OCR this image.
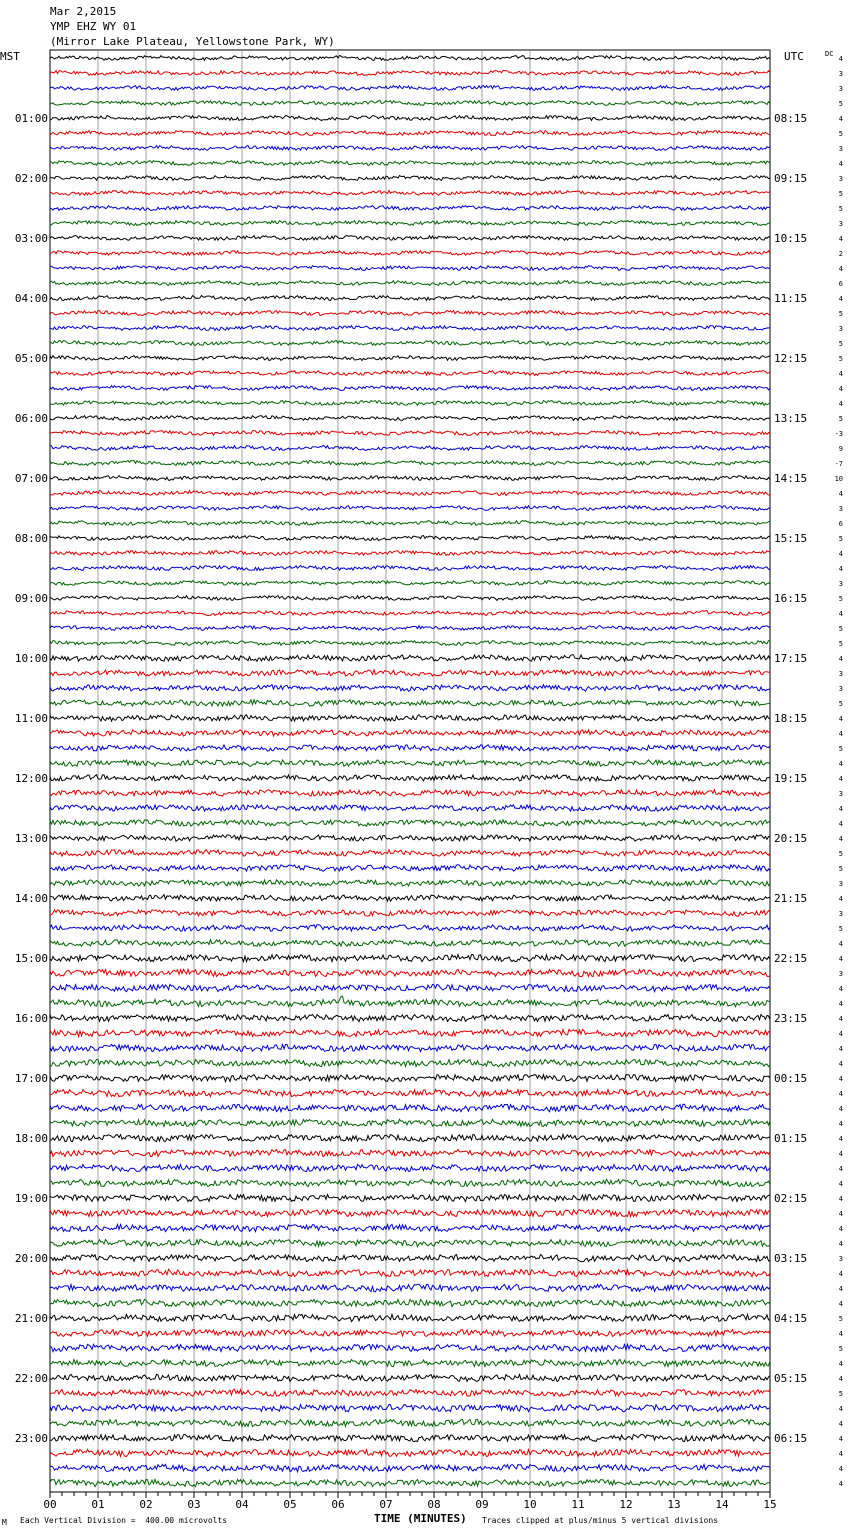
Mar 2,2015
YMP EHZ WY 01
(Mirror Lake Plateau, Yellowstone Park, WY)
MST	UTC	DC
4
3
3
5
4
5
3
4
3
5
5
3
4
2
4
6
4
5
3
5
5
4
4
4
5
-3
9
-7
10
4
3
6
5
4
4
3
5
4
5
5
4
3
3
5
4
4
5
4
4
3
4
4
4
5
5
3
4
3
5
4
4
3
4
4
4
4
4
4
4
4
4
4
4
4
4
4
4
4
4
4
3
4
4
4
5
4
5
4
4
5
4
4
4
4
4
4
01:00	08:15
02:00	09:15
03:00	10:15
04:00	11:15
05:00	12:15
06:00	13:15
07:00	14:15
08:00	15:15
09:00	16:15
10:00	17:15
11:00	18:15
12:00	19:15
13:00	20:15
14:00	21:15
15:00	22:15
16:00	23:15
17:00	00:15
18:00	01:15
19:00	02:15
20:00	03:15
21:00	04:15
22:00	05:15
23:00	06:15
00	01	02	03	04	05	06	07	08	09	10	11	12	13	14	15
M Each Vertical Division =  400.00 microvolts	TIME (MINUTES) Traces clipped at plus/minus 5 vertical divisions
